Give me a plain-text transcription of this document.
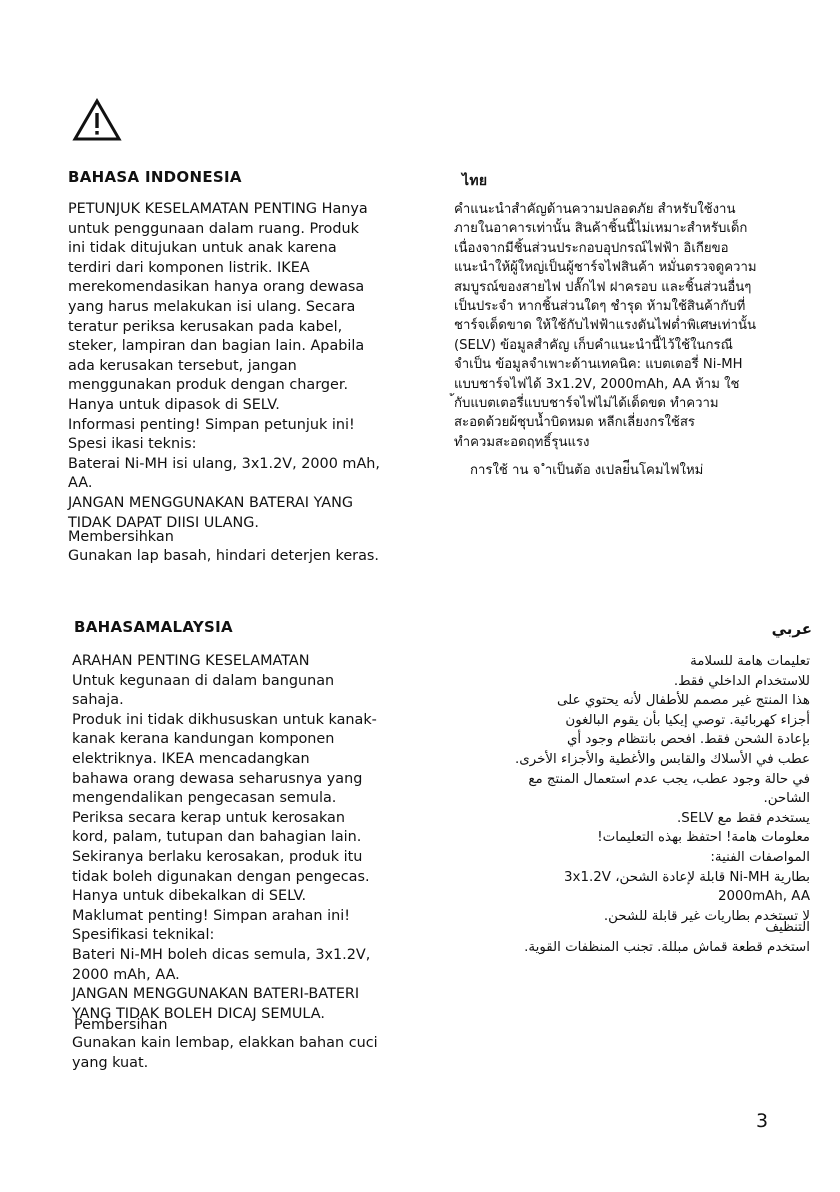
BAHASA INDONESIA
PETUNJUK KESELAMATAN PENTING Hanya
untuk penggunaan dalam ruang. Produk
ini tidak ditujukan untuk anak karena
terdiri dari komponen listrik. IKEA
merekomendasikan hanya orang dewasa
yang harus melakukan isi ulang. Secara
teratur periksa kerusakan pada kabel,
steker, lampiran dan bagian lain. Apabila
ada kerusakan tersebut, jangan
menggunakan produk dengan charger.
Hanya untuk dipasok di SELV.
Informasi penting! Simpan petunjuk ini!
Spesi ikasi teknis:
Baterai Ni-MH isi ulang, 3x1.2V, 2000 mAh,
AA.
JANGAN MENGGUNAKAN BATERAI YANG
TIDAK DAPAT DIISI ULANG.
Membersihkan
Gunakan lap basah, hindari deterjen keras.
ไทย
คำแนะนำสำคัญด้านความปลอดภัย สำหรับใช้งาน
ภายในอาคารเท่านั้น สินค้าชิ้นนี้ไม่เหมาะสำหรับเด็ก
เนื่องจากมีชิ้นส่วนประกอบอุปกรณ์ไฟฟ้า อิเกียขอ
แนะนำให้ผู้ใหญ่เป็นผู้ชาร์จไฟสินค้า หมั่นตรวจดูความ
สมบูรณ์ของสายไฟ ปลั๊กไฟ ฝาครอบ และชิ้นส่วนอื่นๆ
เป็นประจำ หากชิ้นส่วนใดๆ ชำรุด ห้ามใช้สินค้ากับที่
ชาร์จเด็ดขาด ให้ใช้กับไฟฟ้าแรงดันไฟต่ำพิเศษเท่านั้น
(SELV) ข้อมูลสำคัญ เก็บคำแนะนำนี้ไว้ใช้ในกรณี
จำเป็น ข้อมูลจำเพาะด้านเทคนิค: แบตเตอรี่ Ni-MH
แบบชาร์จไฟได้ 3x1.2V, 2000mAh, AA ห้าม ใช
้กับแบตเตอรี่แบบชาร์จไฟไม่ได้เด็ดขด ทำความ
สะอดด้วยผ้ชุบน้ำบิดหมด หลีกเลี่ยงกรใช้สร
ทำควมสะอดฤทธิ์รุนแรง
การใช้ าน จ ำเป็นต้อ งเปลย่ีนโคมไฟใหม่
BAHASAMALAYSIA
ARAHAN PENTING KESELAMATAN
Untuk kegunaan di dalam bangunan
sahaja.
Produk ini tidak dikhususkan untuk kanak-
kanak kerana kandungan komponen
elektriknya. IKEA mencadangkan
bahawa orang dewasa seharusnya yang
mengendalikan pengecasan semula.
Periksa secara kerap untuk kerosakan
kord, palam, tutupan dan bahagian lain.
Sekiranya berlaku kerosakan, produk itu
tidak boleh digunakan dengan pengecas.
Hanya untuk dibekalkan di SELV.
Maklumat penting! Simpan arahan ini!
Spesifikasi teknikal:
Bateri Ni-MH boleh dicas semula, 3x1.2V,
2000 mAh, AA.
JANGAN MENGGUNAKAN BATERI-BATERI
YANG TIDAK BOLEH DICAJ SEMULA.
Pembersihan
Gunakan kain lembap, elakkan bahan cuci
yang kuat.
عربي
تعليمات هامة للسلامة
للاستخدام الداخلي فقط.
هذا المنتج غير مصمم للأطفال لأنه يحتوي على
أجزاء كهربائية. توصي إيكيا بأن يقوم البالغون
بإعادة الشحن فقط. افحص بانتظام وجود أي
عطب في الأسلاك والقابس والأغطية والأجزاء الأخرى.
في حالة وجود عطب، يجب عدم استعمال المنتج مع
الشاحن.
يستخدم فقط مع SELV.
معلومات هامة! احتفظ بهذه التعليمات!
المواصفات الفنية:
بطارية Ni-MH قابلة لإعادة الشحن، 3x1.2V
2000mAh, AA
لا تستخدم بطاريات غير قابلة للشحن.
التنظيف
استخدم قطعة قماش مبللة. تجنب المنظفات القوية.
3
